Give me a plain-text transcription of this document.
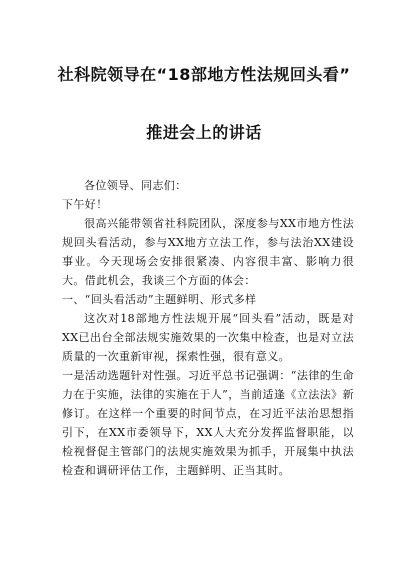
社科院领导在“18部地方性法规回头看”
推进会上的讲话

各位领导、同志们：

下午好！

很高兴能带领省社科院团队，深度参与XX市地方性法规回头看活动，参与XX地方立法工作，参与法治XX建设事业。今天现场会安排很紧凑、内容很丰富、影响力很大。借此机会，我谈三个方面的体会：

一、“回头看活动”主题鲜明、形式多样

这次对18部地方性法规开展“回头看”活动，既是对XX已出台全部法规实施效果的一次集中检查，也是对立法质量的一次重新审视，探索性强，很有意义。

一是活动选题针对性强。习近平总书记强调：“法律的生命力在于实施，法律的实施在于人”，当前适逢《立法法》新修订。在这样一个重要的时间节点，在习近平法治思想指引下，在XX市委领导下，XX人大充分发挥监督职能，以检视督促主管部门的法规实施效果为抓手，开展集中执法检查和调研评估工作，主题鲜明、正当其时。
